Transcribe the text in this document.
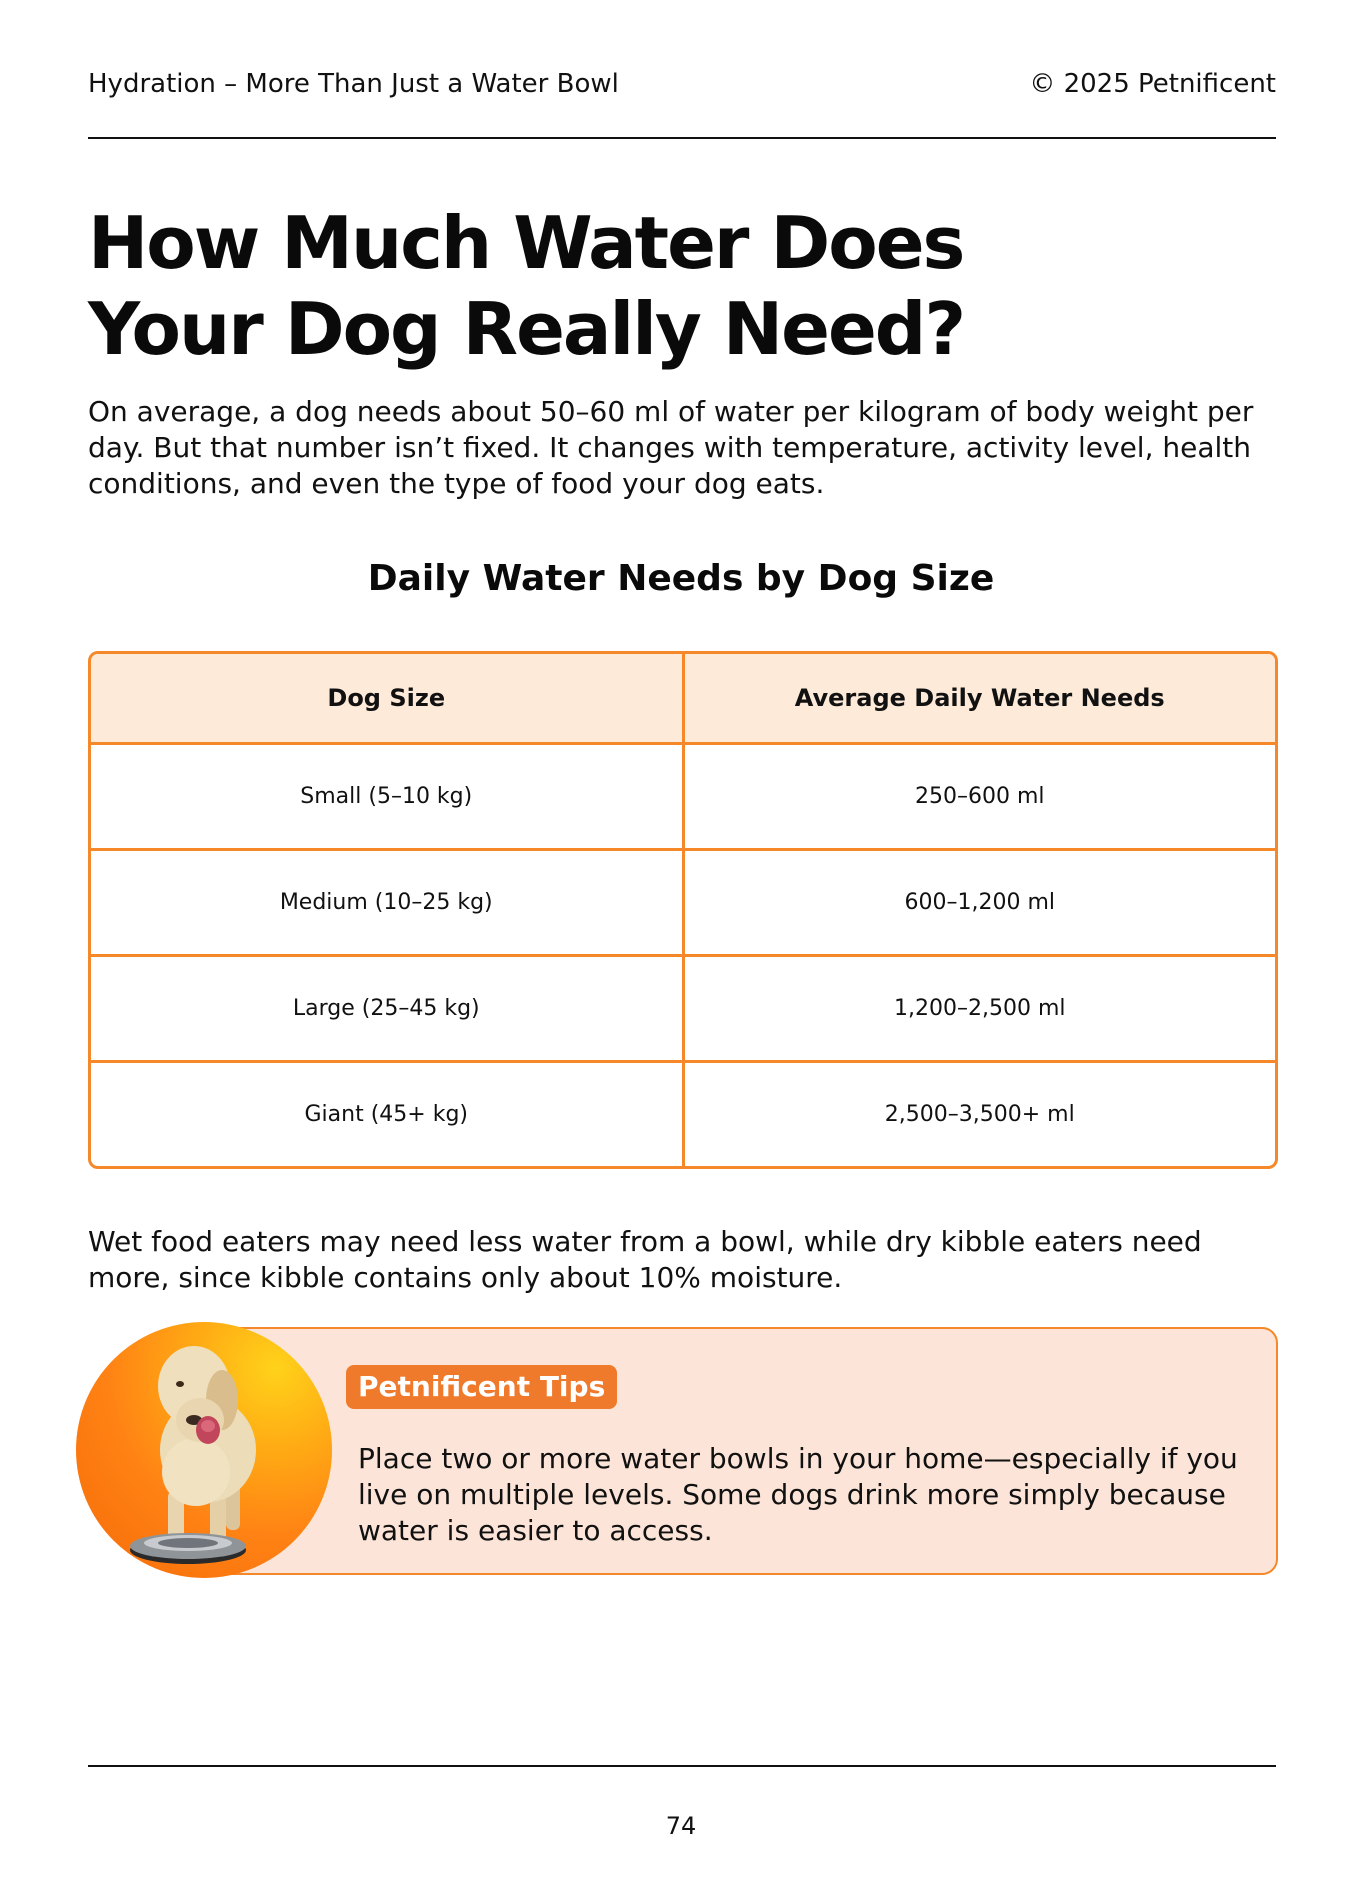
Hydration – More Than Just a Water Bowl	© 2025 Petnificent
How Much Water Does
Your Dog Really Need?

On average, a dog needs about 50–60 ml of water per kilogram of body weight per day. But that number isn’t fixed. It changes with temperature, activity level, health conditions, and even the type of food your dog eats.

Daily Water Needs by Dog Size
Dog Size	Average Daily Water Needs
Small (5–10 kg)	250–600 ml
Medium (10–25 kg)	600–1,200 ml
Large (25–45 kg)	1,200–2,500 ml
Giant (45+ kg)	2,500–3,500+ ml

Wet food eaters may need less water from a bowl, while dry kibble eaters need more, since kibble contains only about 10% moisture.

Petnificent Tips

Place two or more water bowls in your home—especially if you live on multiple levels. Some dogs drink more simply because water is easier to access.

74
